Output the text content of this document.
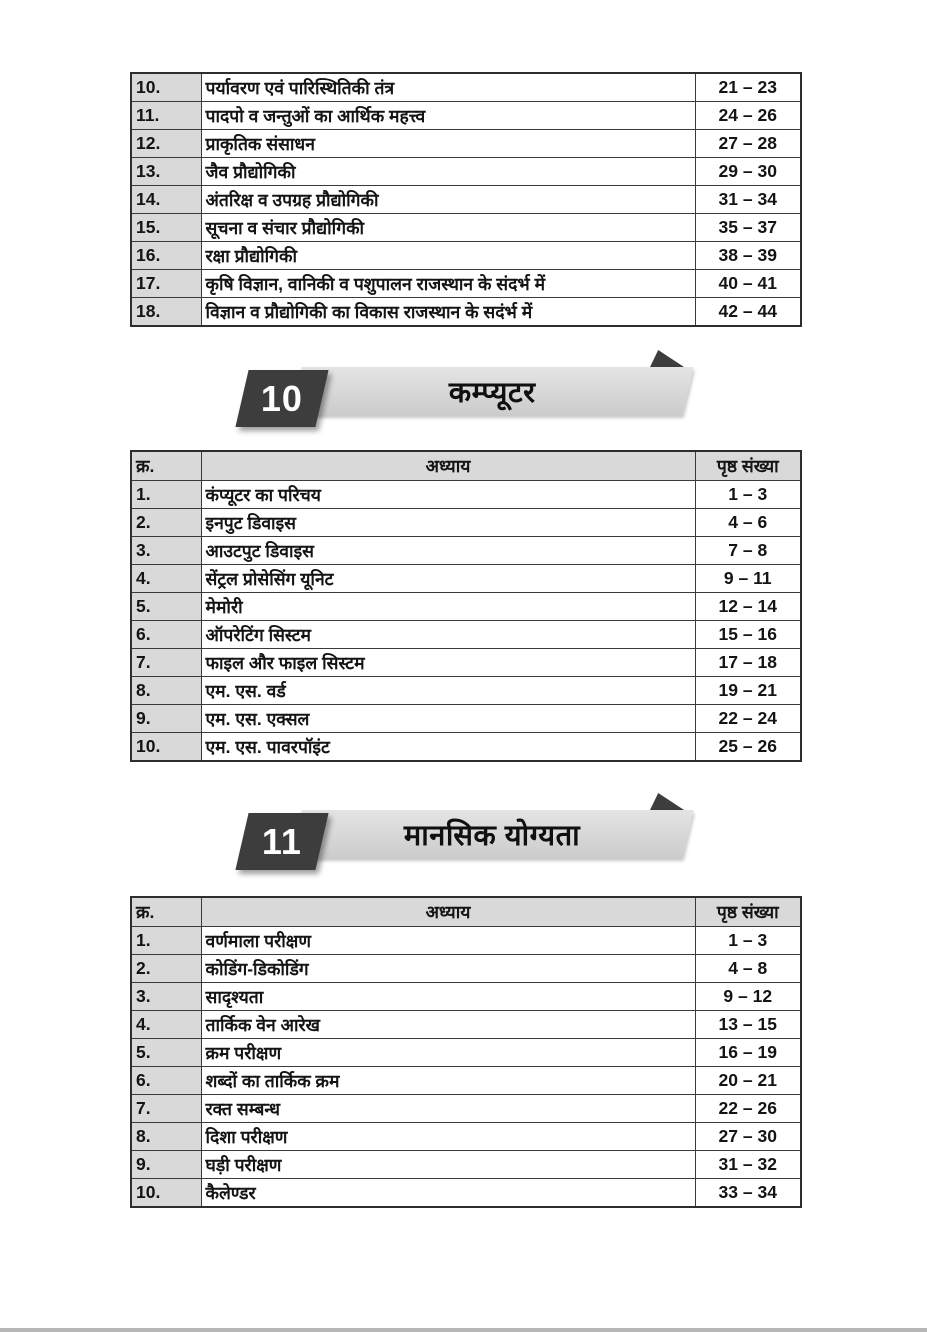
10.	पर्यावरण एवं पारिस्थितिकी तंत्र	21 – 23
11.	पादपो व जन्तुओं का आर्थिक महत्त्व	24 – 26
12.	प्राकृतिक संसाधन	27 – 28
13.	जैव प्रौद्योगिकी	29 – 30
14.	अंतरिक्ष व उपग्रह प्रौद्योगिकी	31 – 34
15.	सूचना व संचार प्रौद्योगिकी	35 – 37
16.	रक्षा प्रौद्योगिकी	38 – 39
17.	कृषि विज्ञान, वानिकी व पशुपालन राजस्थान के संदर्भ में	40 – 41
18.	विज्ञान व प्रौद्योगिकी का विकास राजस्थान के सदंर्भ में	42 – 44
कम्प्यूटर
10
क्र.	अध्याय	पृष्ठ संख्या
1.	कंप्यूटर का परिचय	1 – 3
2.	इनपुट डिवाइस	4 – 6
3.	आउटपुट डिवाइस	7 – 8
4.	सेंट्रल प्रोसेसिंग यूनिट	9 – 11
5.	मेमोरी	12 – 14
6.	ऑपरेटिंग सिस्टम	15 – 16
7.	फाइल और फाइल सिस्टम	17 – 18
8.	एम. एस. वर्ड	19 – 21
9.	एम. एस. एक्सल	22 – 24
10.	एम. एस. पावरपॉइंट	25 – 26
मानसिक योग्यता
11
क्र.	अध्याय	पृष्ठ संख्या
1.	वर्णमाला परीक्षण	1 – 3
2.	कोडिंग-डिकोडिंग	4 – 8
3.	सादृश्यता	9 – 12
4.	तार्किक वेन आरेख	13 – 15
5.	क्रम परीक्षण	16 – 19
6.	शब्दों का तार्किक क्रम	20 – 21
7.	रक्त सम्बन्ध	22 – 26
8.	दिशा परीक्षण	27 – 30
9.	घड़ी परीक्षण	31 – 32
10.	कैलेण्डर	33 – 34
